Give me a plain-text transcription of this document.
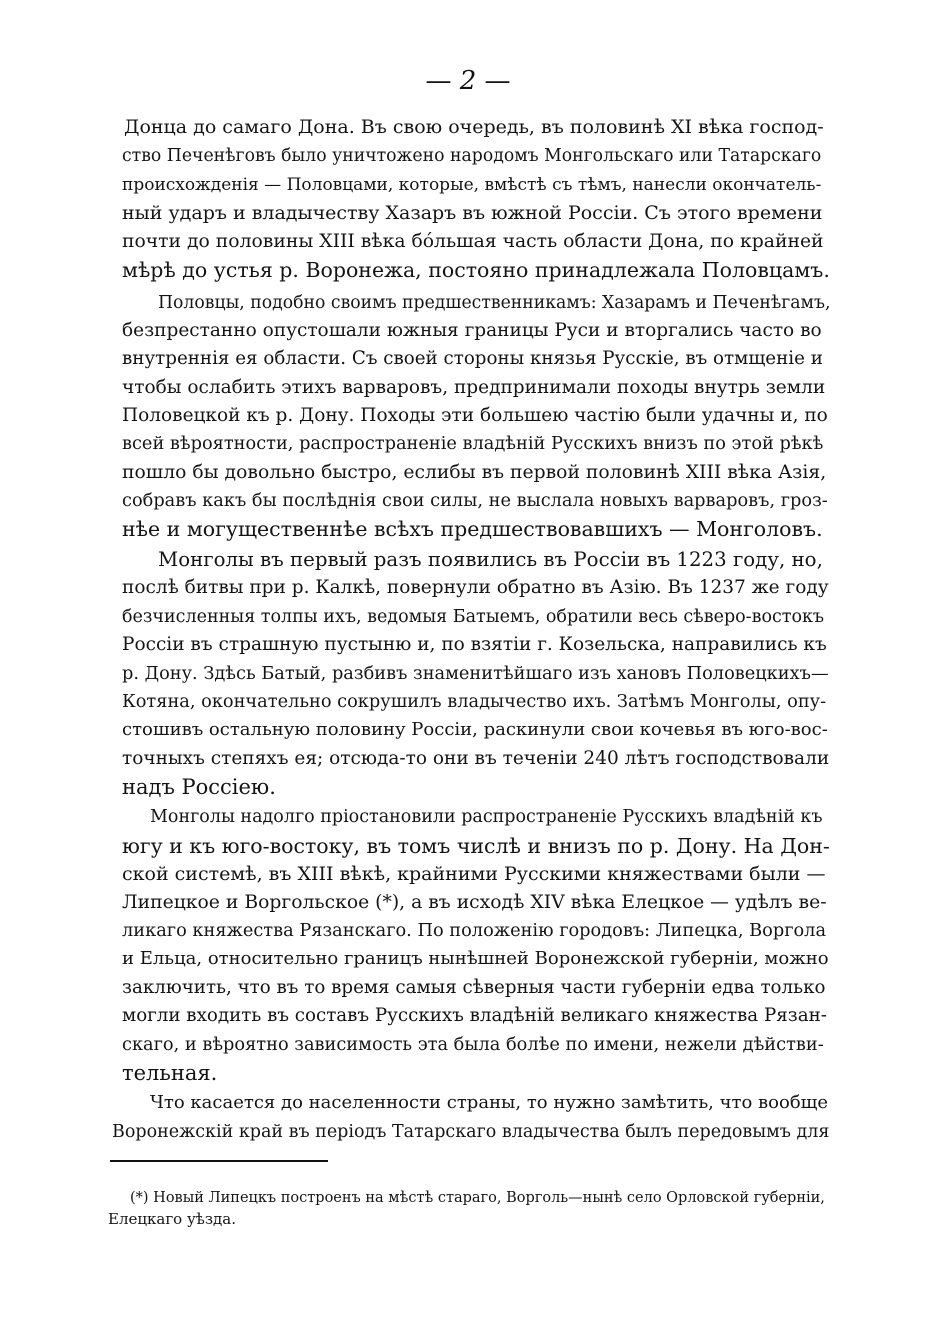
— 2 —
Донца до самаго Дона. Въ свою очередь, въ половинѣ XI вѣка господ-
ство Печенѣговъ было уничтожено народомъ Монгольскаго или Татарскаго
происхожденія — Половцами, которые, вмѣстѣ съ тѣмъ, нанесли окончатель-
ный ударъ и владычеству Хазаръ въ южной Россіи. Съ этого времени
почти до половины XIII вѣка бо́льшая часть области Дона, по крайней
мѣрѣ до устья р. Воронежа, постояно принадлежала Половцамъ.
Половцы, подобно своимъ предшественникамъ: Хазарамъ и Печенѣгамъ,
безпрестанно опустошали южныя границы Руси и вторгались часто во
внутреннія ея области. Съ своей стороны князья Русскіе, въ отмщеніе и
чтобы ослабить этихъ варваровъ, предпринимали походы внутрь земли
Половецкой къ р. Дону. Походы эти большею частію были удачны и, по
всей вѣроятности, распространеніе владѣній Русскихъ внизъ по этой рѣкѣ
пошло бы довольно быстро, еслибы въ первой половинѣ XIII вѣка Азія,
собравъ какъ бы послѣднія свои силы, не выслала новыхъ варваровъ, гроз-
нѣе и могущественнѣе всѣхъ предшествовавшихъ — Монголовъ.
Монголы въ первый разъ появились въ Россіи въ 1223 году, но,
послѣ битвы при р. Калкѣ, повернули обратно въ Азію. Въ 1237 же году
безчисленныя толпы ихъ, ведомыя Батыемъ, обратили весь сѣверо-востокъ
Россіи въ страшную пустыню и, по взятіи г. Козельска, направились къ
р. Дону. Здѣсь Батый, разбивъ знаменитѣйшаго изъ хановъ Половецкихъ—
Котяна, окончательно сокрушилъ владычество ихъ. Затѣмъ Монголы, опу-
стошивъ остальную половину Россіи, раскинули свои кочевья въ юго-вос-
точныхъ степяхъ ея; отсюда-то они въ теченіи 240 лѣтъ господствовали
надъ Россіею.
Монголы надолго пріостановили распространеніе Русскихъ владѣній къ
югу и къ юго-востоку, въ томъ числѣ и внизъ по р. Дону. На Дон-
ской системѣ, въ XIII вѣкѣ, крайними Русскими княжествами были —
Липецкое и Воргольское (*), а въ исходѣ XIV вѣка Елецкое — удѣлъ ве-
ликаго княжества Рязанскаго. По положенію городовъ: Липецка, Воргола
и Ельца, относительно границъ нынѣшней Воронежской губерніи, можно
заключить, что въ то время самыя сѣверныя части губерніи едва только
могли входить въ составъ Русскихъ владѣній великаго княжества Рязан-
скаго, и вѣроятно зависимость эта была болѣе по имени, нежели дѣйстви-
тельная.
Что касается до населенности страны, то нужно замѣтить, что вообще
Воронежскій край въ періодъ Татарскаго владычества былъ передовымъ для
(*) Новый Липецкъ построенъ на мѣстѣ стараго, Ворголь—нынѣ село Орловской губерніи,
Елецкаго уѣзда.
